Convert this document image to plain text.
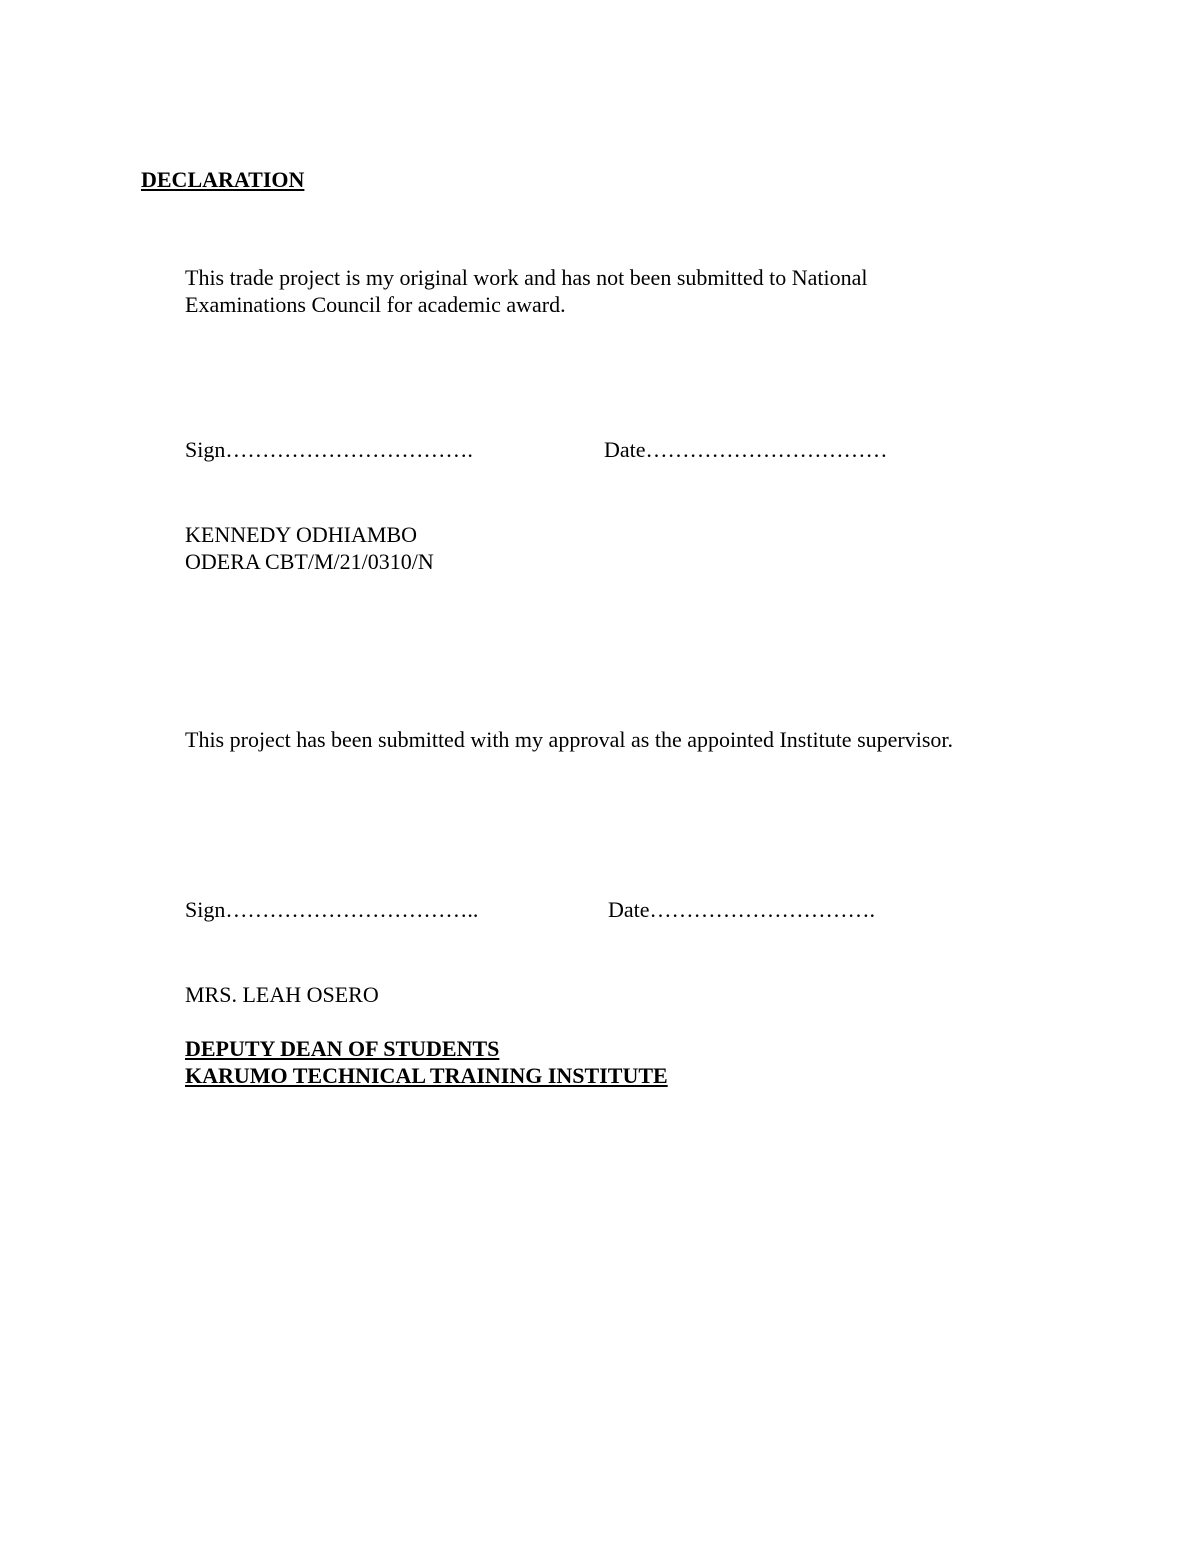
DECLARATION
This trade project is my original work and has not been submitted to National
Examinations Council for academic award.
Sign…………………………….	Date……………………………
KENNEDY ODHIAMBO
ODERA CBT/M/21/0310/N
This project has been submitted with my approval as the appointed Institute supervisor.
Sign……………………………..	Date………………………….
MRS. LEAH OSERO
DEPUTY DEAN OF STUDENTS
KARUMO TECHNICAL TRAINING INSTITUTE
